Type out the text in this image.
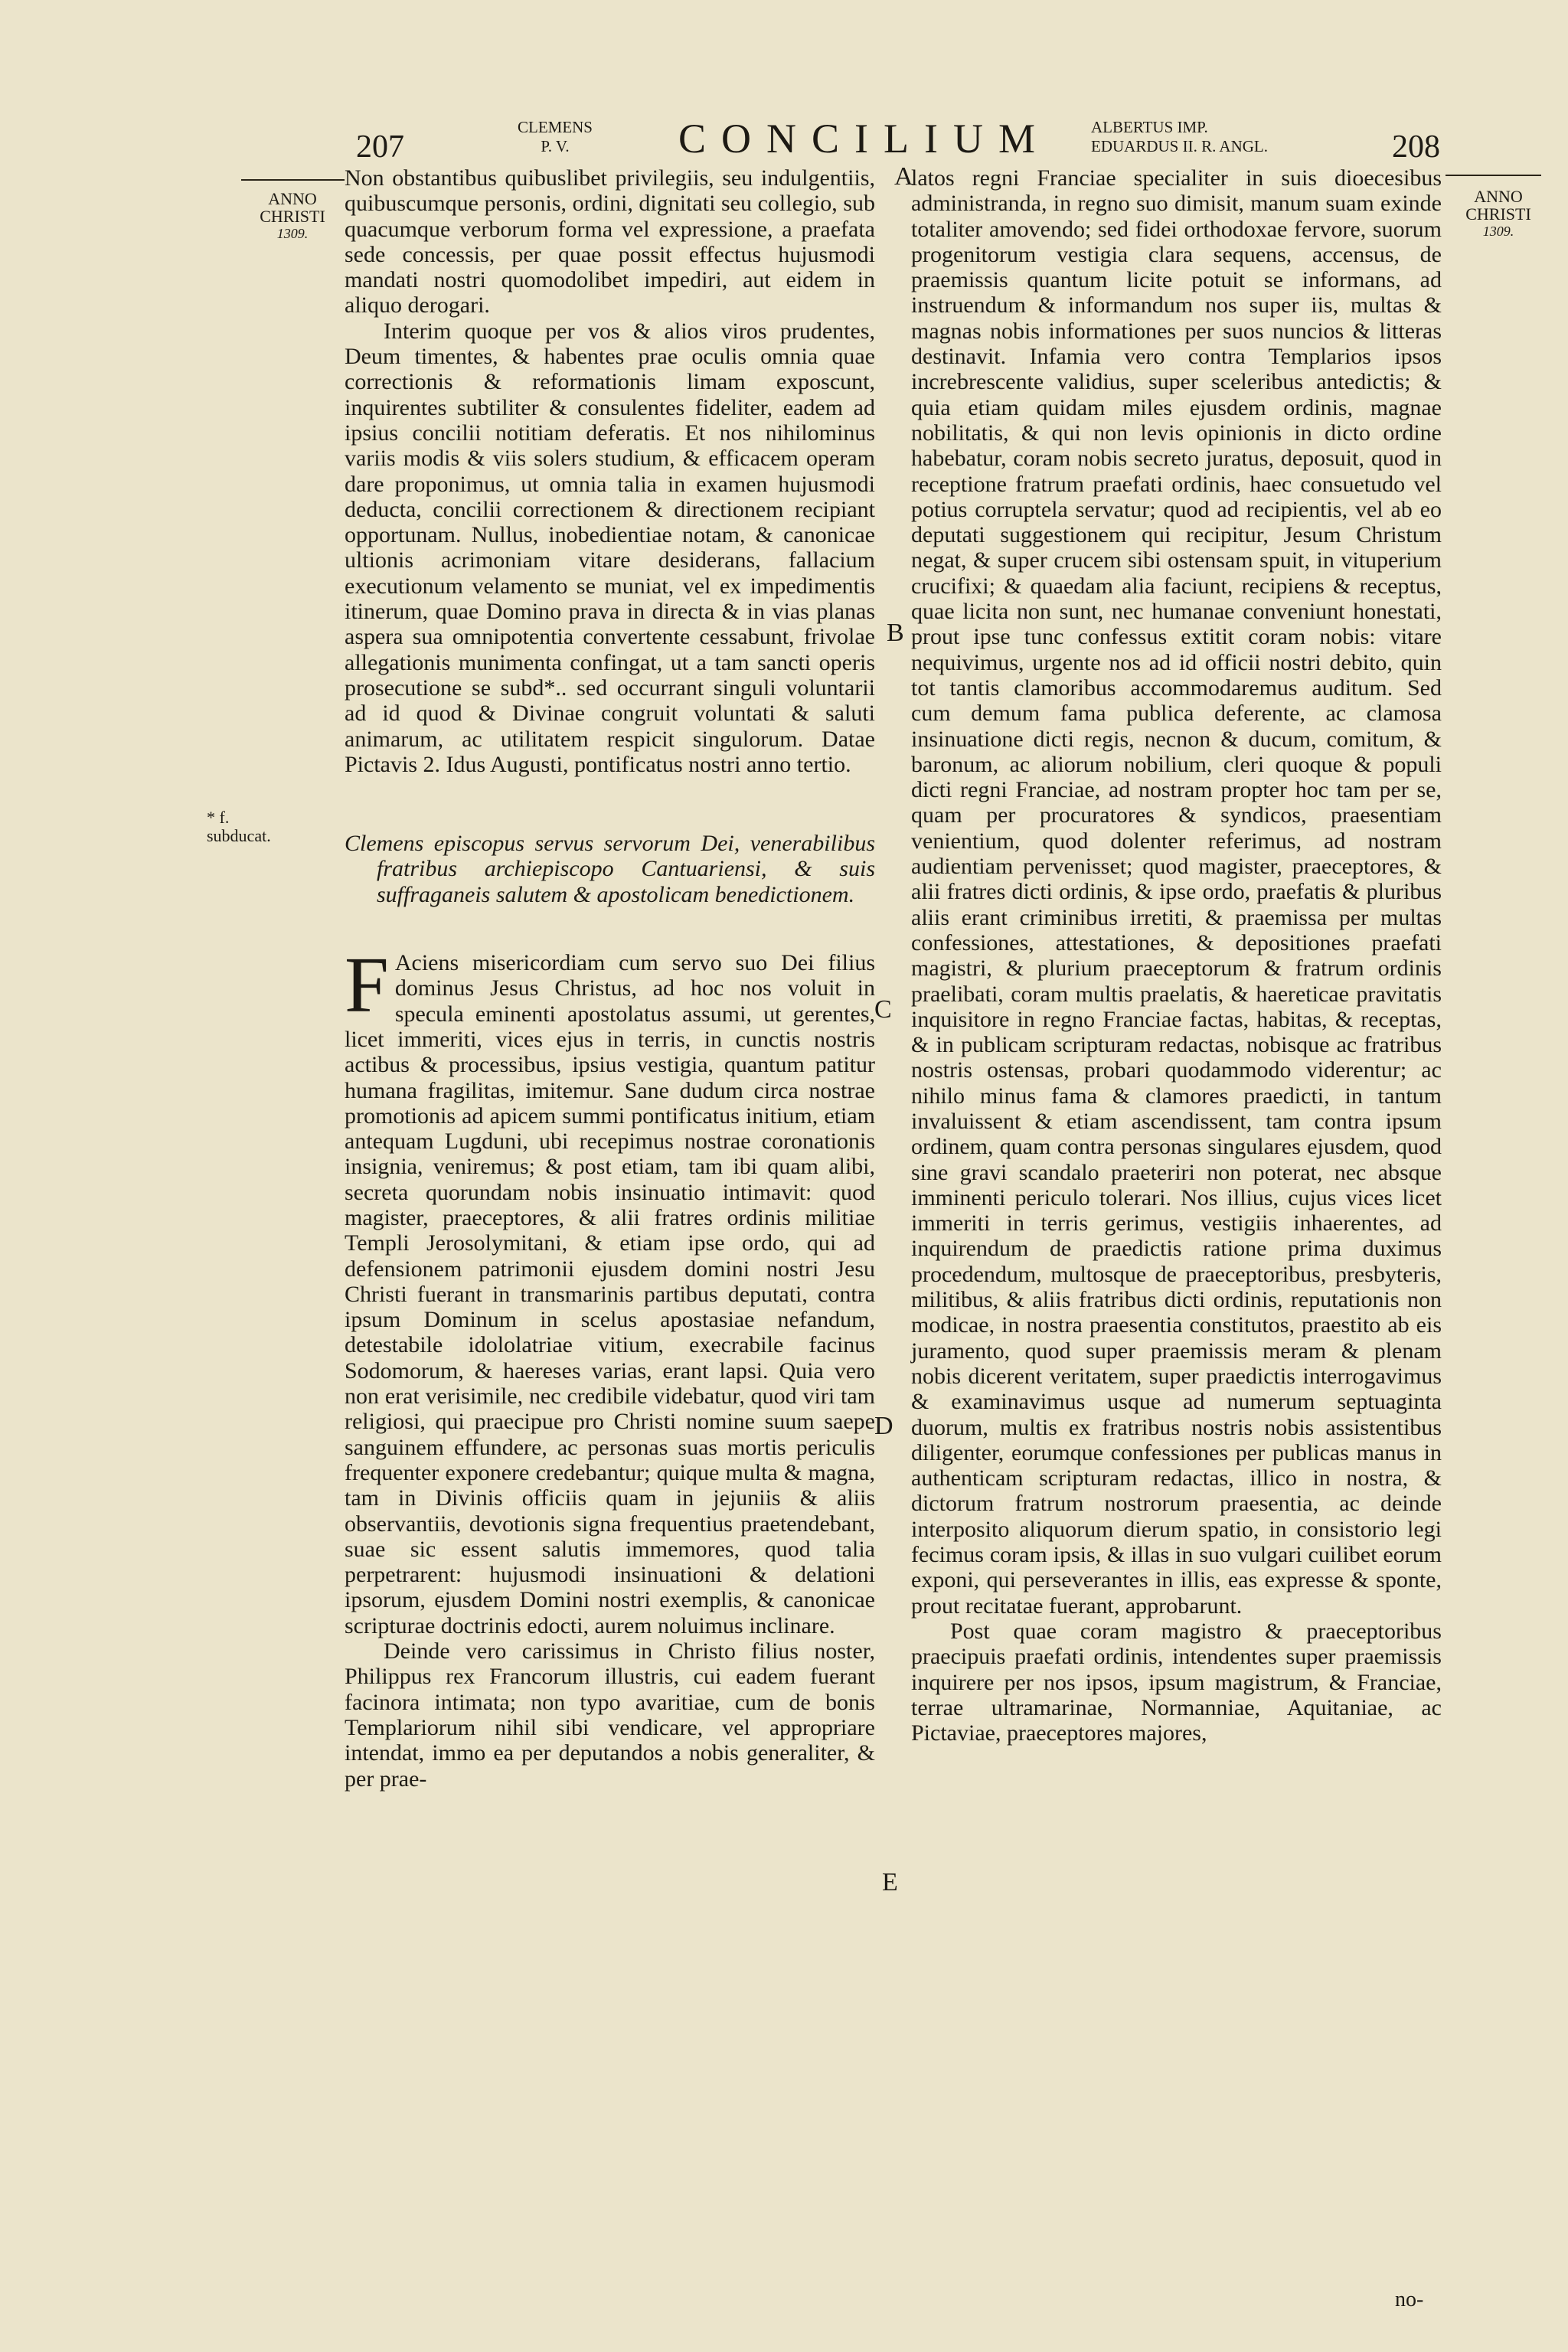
207
CLEMENS
P. V.	CONCILIUM	ALBERTUS IMP.
EDUARDUS II. R. ANGL.	208
ANNO
CHRISTI
1309.
ANNO
CHRISTI
1309.
* f. subducat.
A
B
C
D
E

Non obstantibus quibuslibet privilegiis, seu indulgentiis, quibuscumque personis, ordini, dignitati seu collegio, sub quacumque verborum forma vel expressione, a praefata sede concessis, per quae possit effectus hujusmodi mandati nostri quomodolibet impediri, aut eidem in aliquo derogari.

Interim quoque per vos & alios viros prudentes, Deum timentes, & habentes prae oculis omnia quae correctionis & reformationis limam exposcunt, inquirentes subtiliter & consulentes fideliter, eadem ad ipsius concilii notitiam deferatis. Et nos nihilominus variis modis & viis solers studium, & efficacem operam dare proponimus, ut omnia talia in examen hujusmodi deducta, concilii correctionem & directionem recipiant opportunam. Nullus, inobedientiae notam, & canonicae ultionis acrimoniam vitare desiderans, fallacium executionum velamento se muniat, vel ex impedimentis itinerum, quae Domino prava in directa & in vias planas aspera sua omnipotentia convertente cessabunt, frivolae allegationis munimenta confingat, ut a tam sancti operis prosecutione se subd*.. sed occurrant singuli voluntarii ad id quod & Divinae congruit voluntati & saluti animarum, ac utilitatem respicit singulorum. Datae Pictavis 2. Idus Augusti, pontificatus nostri anno tertio.

Clemens episcopus servus servorum Dei, venerabilibus fratribus archiepiscopo Cantuariensi, & suis suffraganeis salutem & apostolicam benedictionem.

F Aciens misericordiam cum servo suo Dei filius dominus Jesus Christus, ad hoc nos voluit in specula eminenti apostolatus assumi, ut gerentes, licet immeriti, vices ejus in terris, in cunctis nostris actibus & processibus, ipsius vestigia, quantum patitur humana fragilitas, imitemur. Sane dudum circa nostrae promotionis ad apicem summi pontificatus initium, etiam antequam Lugduni, ubi recepimus nostrae coronationis insignia, veniremus; & post etiam, tam ibi quam alibi, secreta quorundam nobis insinuatio intimavit: quod magister, praeceptores, & alii fratres ordinis militiae Templi Jerosolymitani, & etiam ipse ordo, qui ad defensionem patrimonii ejusdem domini nostri Jesu Christi fuerant in transmarinis partibus deputati, contra ipsum Dominum in scelus apostasiae nefandum, detestabile idololatriae vitium, execrabile facinus Sodomorum, & haereses varias, erant lapsi. Quia vero non erat verisimile, nec credibile videbatur, quod viri tam religiosi, qui praecipue pro Christi nomine suum saepe sanguinem effundere, ac personas suas mortis periculis frequenter exponere credebantur; quique multa & magna, tam in Divinis officiis quam in jejuniis & aliis observantiis, devotionis signa frequentius praetendebant, suae sic essent salutis immemores, quod talia perpetrarent: hujusmodi insinuationi & delationi ipsorum, ejusdem Domini nostri exemplis, & canonicae scripturae doctrinis edocti, aurem noluimus inclinare.

Deinde vero carissimus in Christo filius noster, Philippus rex Francorum illustris, cui eadem fuerant facinora intimata; non typo avaritiae, cum de bonis Templariorum nihil sibi vendicare, vel appropriare intendat, immo ea per deputandos a nobis generaliter, & per prae-

latos regni Franciae specialiter in suis dioecesibus administranda, in regno suo dimisit, manum suam exinde totaliter amovendo; sed fidei orthodoxae fervore, suorum progenitorum vestigia clara sequens, accensus, de praemissis quantum licite potuit se informans, ad instruendum & informandum nos super iis, multas & magnas nobis informationes per suos nuncios & litteras destinavit. Infamia vero contra Templarios ipsos increbrescente validius, super sceleribus antedictis; & quia etiam quidam miles ejusdem ordinis, magnae nobilitatis, & qui non levis opinionis in dicto ordine habebatur, coram nobis secreto juratus, deposuit, quod in receptione fratrum praefati ordinis, haec consuetudo vel potius corruptela servatur; quod ad recipientis, vel ab eo deputati suggestionem qui recipitur, Jesum Christum negat, & super crucem sibi ostensam spuit, in vituperium crucifixi; & quaedam alia faciunt, recipiens & receptus, quae licita non sunt, nec humanae conveniunt honestati, prout ipse tunc confessus extitit coram nobis: vitare nequivimus, urgente nos ad id officii nostri debito, quin tot tantis clamoribus accommodaremus auditum. Sed cum demum fama publica deferente, ac clamosa insinuatione dicti regis, necnon & ducum, comitum, & baronum, ac aliorum nobilium, cleri quoque & populi dicti regni Franciae, ad nostram propter hoc tam per se, quam per procuratores & syndicos, praesentiam venientium, quod dolenter referimus, ad nostram audientiam pervenisset; quod magister, praeceptores, & alii fratres dicti ordinis, & ipse ordo, praefatis & pluribus aliis erant criminibus irretiti, & praemissa per multas confessiones, attestationes, & depositiones praefati magistri, & plurium praeceptorum & fratrum ordinis praelibati, coram multis praelatis, & haereticae pravitatis inquisitore in regno Franciae factas, habitas, & receptas, & in publicam scripturam redactas, nobisque ac fratribus nostris ostensas, probari quodammodo viderentur; ac nihilo minus fama & clamores praedicti, in tantum invaluissent & etiam ascendissent, tam contra ipsum ordinem, quam contra personas singulares ejusdem, quod sine gravi scandalo praeteriri non poterat, nec absque imminenti periculo tolerari. Nos illius, cujus vices licet immeriti in terris gerimus, vestigiis inhaerentes, ad inquirendum de praedictis ratione prima duximus procedendum, multosque de praeceptoribus, presbyteris, militibus, & aliis fratribus dicti ordinis, reputationis non modicae, in nostra praesentia constitutos, praestito ab eis juramento, quod super praemissis meram & plenam nobis dicerent veritatem, super praedictis interrogavimus & examinavimus usque ad numerum septuaginta duorum, multis ex fratribus nostris nobis assistentibus diligenter, eorumque confessiones per publicas manus in authenticam scripturam redactas, illico in nostra, & dictorum fratrum nostrorum praesentia, ac deinde interposito aliquorum dierum spatio, in consistorio legi fecimus coram ipsis, & illas in suo vulgari cuilibet eorum exponi, qui perseverantes in illis, eas expresse & sponte, prout recitatae fuerant, approbarunt.

Post quae coram magistro & praeceptoribus praecipuis praefati ordinis, intendentes super praemissis inquirere per nos ipsos, ipsum magistrum, & Franciae, terrae ultramarinae, Normanniae, Aquitaniae, ac Pictaviae, praeceptores majores,

no-
